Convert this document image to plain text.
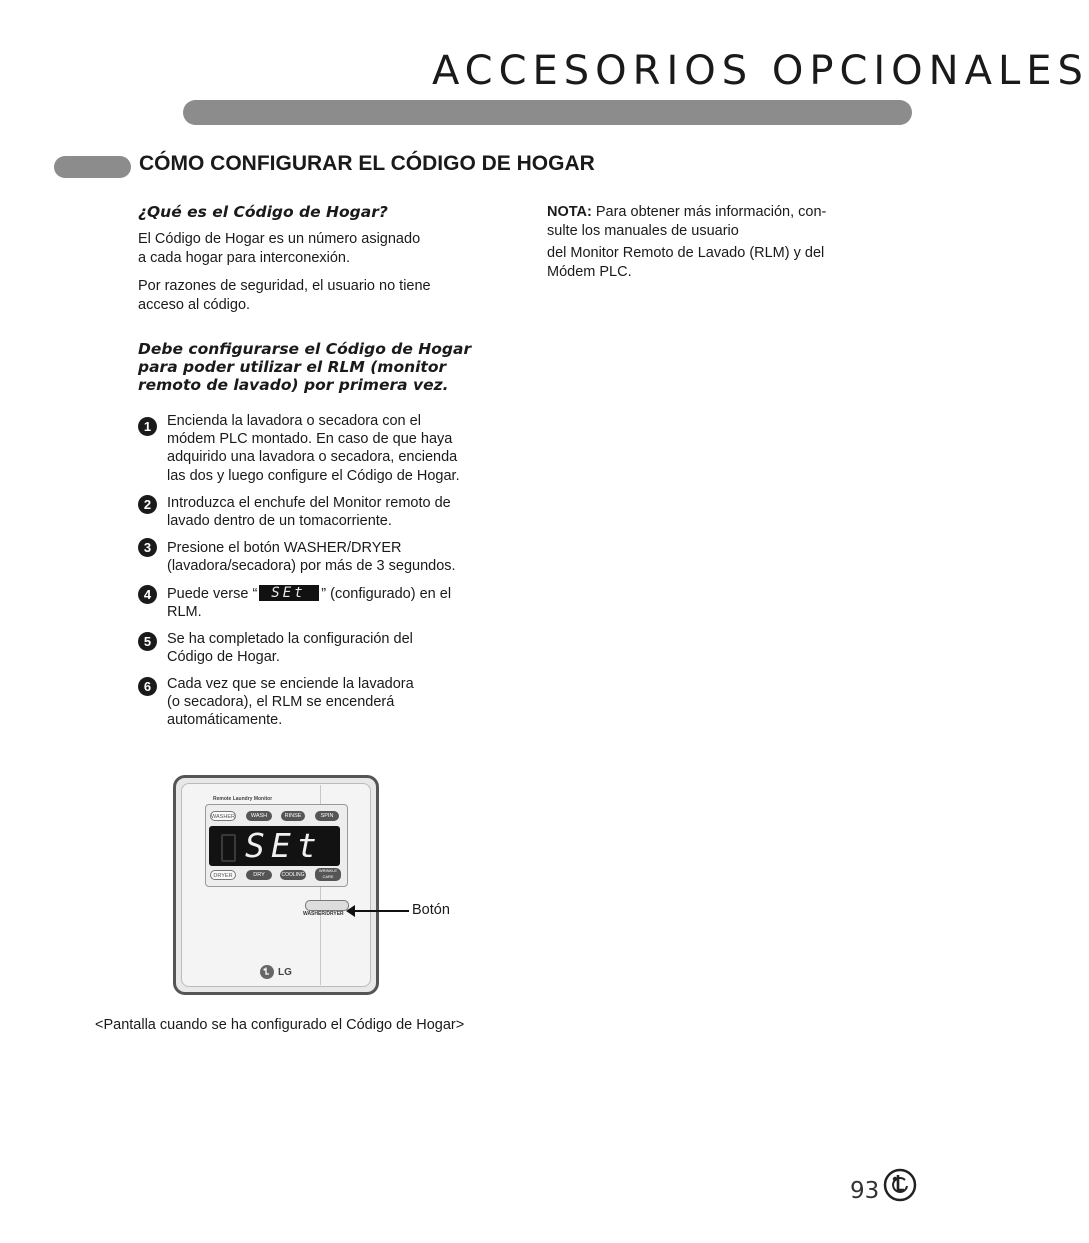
ACCESORIOS OPCIONALES
CÓMO CONFIGURAR EL CÓDIGO DE HOGAR
¿Qué es el Código de Hogar?
El Código de Hogar es un número asignado
a cada hogar para interconexión.
Por razones de seguridad, el usuario no tiene
acceso al código.
Debe configurarse el Código de Hogar
para poder utilizar el RLM (monitor
remoto de lavado) por primera vez.
1	Encienda la lavadora o secadora con el
módem PLC montado. En caso de que haya
adquirido una lavadora o secadora, encienda
las dos y luego configure el Código de Hogar.
2	Introduzca el enchufe del Monitor remoto de
lavado dentro de un tomacorriente.
3	Presione el botón WASHER/DRYER
(lavadora/secadora) por más de 3 segundos.
4	Puede verse “ SEt ” (configurado) en el
RLM.
5	Se ha completado la configuración del
Código de Hogar.
6	Cada vez que se enciende la lavadora
(o secadora), el RLM se encenderá
automáticamente.
NOTA: Para obtener más información, con-
sulte los manuales de usuario
del Monitor Remoto de Lavado (RLM) y del
Módem PLC.
Remote Laundry Monitor
WASHER	WASH	RINSE	SPIN
DRYER	DRY	COOLING
WRINKLE CARE
SEt
WASHER/DRYER
LG
Botón
<Pantalla cuando se ha configurado el Código de Hogar>
93
